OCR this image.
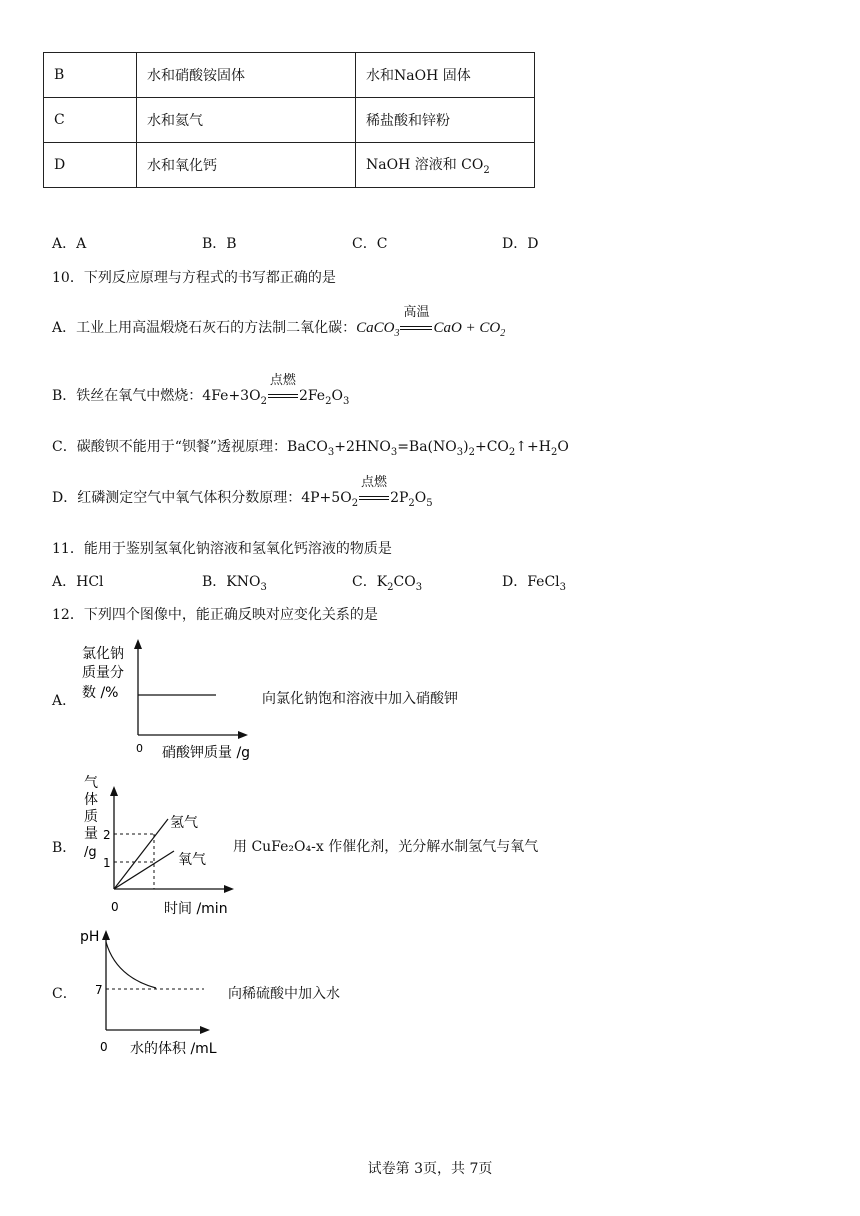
B	水和硝酸铵固体	水和NaOH 固体
C	水和氦气	稀盐酸和锌粉
D	水和氧化钙	NaOH 溶液和 $CO_2$
A．A	B．B	C．C	D．D
10．下列反应原理与方程式的书写都正确的是
A．工业上用高温煅烧石灰石的方法制二氧化碳：CaCO$_3$
高温
CaO + $CO_2$
B．铁丝在氧气中燃烧：$4Fe+3O_2$
点燃
$2Fe_2O_3$
C．碳酸钡不能用于“钡餐”透视原理：$BaCO_3+2HNO_3=Ba(NO_3)_2+CO_2↑+H_2O$
D．红磷测定空气中氧气体积分数原理：$4P+5O_2$
点燃
$2P_2O_5$
11．能用于鉴别氢氧化钠溶液和氢氧化钙溶液的物质是
A．HCl	B．$KNO_3$	C．$K_2CO_3$	D．FeCl$_3$
12．下列四个图像中，能正确反映对应变化关系的是
A．
氯化钠
质量分
数 /%
0 硝酸钾质量 /g
向氯化钠饱和溶液中加入硝酸钾
B．
气
体
质
量
/g
2
1
0	时间 /min
氢气
氧气
用 CuFe₂O₄-x 作催化剂，光分解水制氢气与氧气
C．
pH
7
0 水的体积 /mL
向稀硫酸中加入水
试卷第 3页，共 7页
